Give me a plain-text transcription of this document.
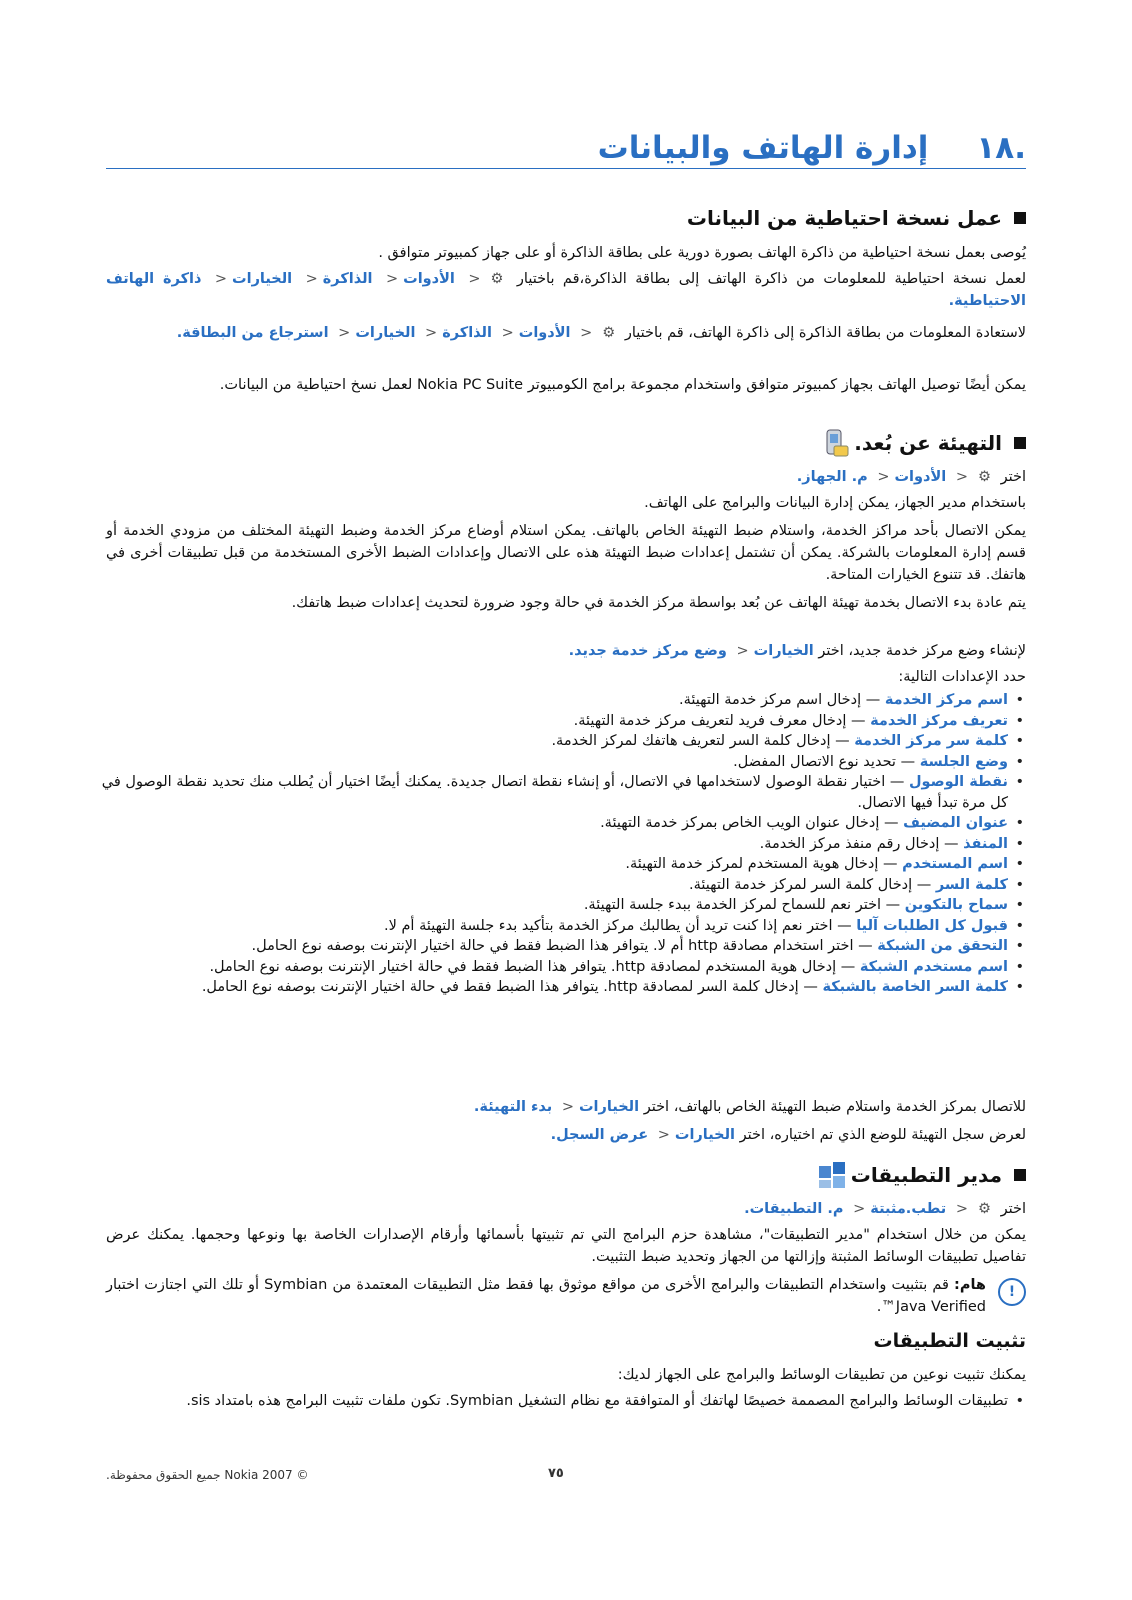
.١٨إدارة الهاتف والبيانات
عمل نسخة احتياطية من البيانات
يُوصى بعمل نسخة احتياطية من ذاكرة الهاتف بصورة دورية على بطاقة الذاكرة أو على جهاز كمبيوتر متوافق .
لعمل نسخة احتياطية للمعلومات من ذاكرة الهاتف إلى بطاقة الذاكرة،قم باختيار ⚙< الأدوات< الذاكرة< الخيارات< ذاكرة الهاتف الاحتياطية.
لاستعادة المعلومات من بطاقة الذاكرة إلى ذاكرة الهاتف، قم باختيار ⚙< الأدوات< الذاكرة< الخيارات< استرجاع من البطاقة.
يمكن أيضًا توصيل الهاتف بجهاز كمبيوتر متوافق واستخدام مجموعة برامج الكومبيوتر Nokia PC Suite لعمل نسخ احتياطية من البيانات.
التهيئة عن بُعد.
اختر ⚙< الأدوات< م. الجهاز.
باستخدام مدير الجهاز، يمكن إدارة البيانات والبرامج على الهاتف.
يمكن الاتصال بأحد مراكز الخدمة، واستلام ضبط التهيئة الخاص بالهاتف. يمكن استلام أوضاع مركز الخدمة وضبط التهيئة المختلف من مزودي الخدمة أو قسم إدارة المعلومات بالشركة. يمكن أن تشتمل إعدادات ضبط التهيئة هذه على الاتصال وإعدادات الضبط الأخرى المستخدمة من قبل تطبيقات أخرى في هاتفك. قد تتنوع الخيارات المتاحة.
يتم عادة بدء الاتصال بخدمة تهيئة الهاتف عن بُعد بواسطة مركز الخدمة في حالة وجود ضرورة لتحديث إعدادات ضبط هاتفك.
لإنشاء وضع مركز خدمة جديد، اختر الخيارات< وضع مركز خدمة جديد.
حدد الإعدادات التالية:
• اسم مركز الخدمة — إدخال اسم مركز خدمة التهيئة.
• تعريف مركز الخدمة — إدخال معرف فريد لتعريف مركز خدمة التهيئة.
• كلمة سر مركز الخدمة — إدخال كلمة السر لتعريف هاتفك لمركز الخدمة.
• وضع الجلسة — تحديد نوع الاتصال المفضل.
• نقطة الوصول — اختيار نقطة الوصول لاستخدامها في الاتصال، أو إنشاء نقطة اتصال جديدة. يمكنك أيضًا اختيار أن يُطلب منك تحديد نقطة الوصول في كل مرة تبدأ فيها الاتصال.
• عنوان المضيف — إدخال عنوان الويب الخاص بمركز خدمة التهيئة.
• المنفذ — إدخال رقم منفذ مركز الخدمة.
• اسم المستخدم — إدخال هوية المستخدم لمركز خدمة التهيئة.
• كلمة السر — إدخال كلمة السر لمركز خدمة التهيئة.
• سماح بالتكوين — اختر نعم للسماح لمركز الخدمة ببدء جلسة التهيئة.
• قبول كل الطلبات آليا — اختر نعم إذا كنت تريد أن يطالبك مركز الخدمة بتأكيد بدء جلسة التهيئة أم لا.
• التحقق من الشبكة — اختر استخدام مصادقة http أم لا. يتوافر هذا الضبط فقط في حالة اختيار الإنترنت بوصفه نوع الحامل.
• اسم مستخدم الشبكة — إدخال هوية المستخدم لمصادقة http. يتوافر هذا الضبط فقط في حالة اختيار الإنترنت بوصفه نوع الحامل.
• كلمة السر الخاصة بالشبكة — إدخال كلمة السر لمصادقة http. يتوافر هذا الضبط فقط في حالة اختيار الإنترنت بوصفه نوع الحامل.
للاتصال بمركز الخدمة واستلام ضبط التهيئة الخاص بالهاتف، اختر الخيارات< بدء التهيئة.
لعرض سجل التهيئة للوضع الذي تم اختياره، اختر الخيارات< عرض السجل.
مدير التطبيقات
اختر ⚙< تطب.مثبتة< م. التطبيقات.
يمكن من خلال استخدام "مدير التطبيقات"، مشاهدة حزم البرامج التي تم تثبيتها بأسمائها وأرقام الإصدارات الخاصة بها ونوعها وحجمها. يمكنك عرض تفاصيل تطبيقات الوسائط المثبتة وإزالتها من الجهاز وتحديد ضبط التثبيت.
هام: قم بتثبيت واستخدام التطبيقات والبرامج الأخرى من مواقع موثوق بها فقط مثل التطبيقات المعتمدة من Symbian أو تلك التي اجتازت اختبار Java Verified™.
!
تثبيت التطبيقات
يمكنك تثبيت نوعين من تطبيقات الوسائط والبرامج على الجهاز لديك:
• تطبيقات الوسائط والبرامج المصممة خصيصًا لهاتفك أو المتوافقة مع نظام التشغيل Symbian. تكون ملفات تثبيت البرامج هذه بامتداد sis.
© Nokia 2007 جميع الحقوق محفوظة.	٧٥
